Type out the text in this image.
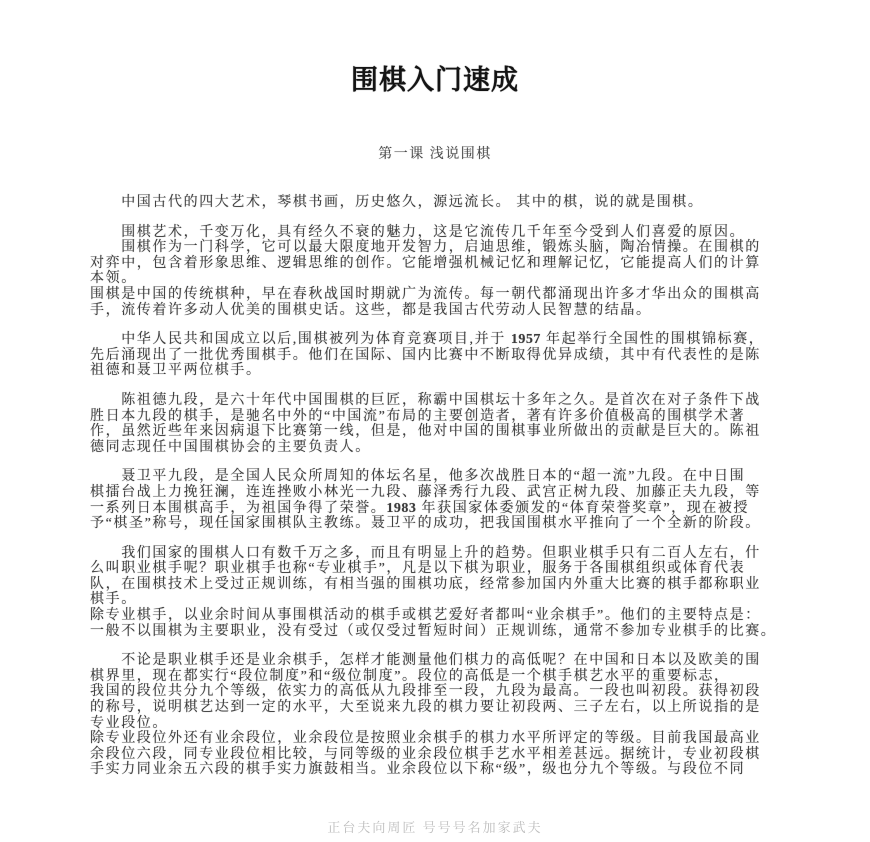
围棋入门速成
第一课 浅说围棋
　　中国古代的四大艺术，琴棋书画，历史悠久，源远流长。 其中的棋，说的就是围棋。
　　围棋艺术，千变万化，具有经久不衰的魅力，这是它流传几千年至今受到人们喜爱的原因。
　　围棋作为一门科学，它可以最大限度地开发智力，启迪思维，锻炼头脑，陶冶情操。在围棋的
对弈中，包含着形象思维、逻辑思维的创作。它能增强机械记忆和理解记忆，它能提高人们的计算
本领。
围棋是中国的传统棋种，早在春秋战国时期就广为流传。每一朝代都涌现出许多才华出众的围棋高
手，流传着许多动人优美的围棋史话。这些，都是我国古代劳动人民智慧的结晶。
　　中华人民共和国成立以后,围棋被列为体育竞赛项目,并于 1957 年起举行全国性的围棋锦标赛，
先后涌现出了一批优秀围棋手。他们在国际、国内比赛中不断取得优异成绩，其中有代表性的是陈
祖德和聂卫平两位棋手。
　　陈祖德九段，是六十年代中国围棋的巨匠，称霸中国棋坛十多年之久。是首次在对子条件下战
胜日本九段的棋手，是驰名中外的“中国流”布局的主要创造者，著有许多价值极高的围棋学术著
作，虽然近些年来因病退下比赛第一线，但是，他对中国的围棋事业所做出的贡献是巨大的。陈祖
德同志现任中国围棋协会的主要负责人。
　　聂卫平九段，是全国人民众所周知的体坛名星，他多次战胜日本的“超一流”九段。在中日围
棋擂台战上力挽狂澜，连连挫败小林光一九段、藤泽秀行九段、武宫正树九段、加藤正夫九段，等
一系列日本围棋高手，为祖国争得了荣誉。1983 年获国家体委颁发的“体育荣誉奖章”，现在被授
予“棋圣”称号，现任国家围棋队主教练。聂卫平的成功，把我国围棋水平推向了一个全新的阶段。
　　我们国家的围棋人口有数千万之多，而且有明显上升的趋势。但职业棋手只有二百人左右，什
么叫职业棋手呢？职业棋手也称“专业棋手”，凡是以下棋为职业，服务于各围棋组织或体育代表
队，在围棋技术上受过正规训练，有相当强的围棋功底，经常参加国内外重大比赛的棋手都称职业
棋手。
除专业棋手，以业余时间从事围棋活动的棋手或棋艺爱好者都叫“业余棋手”。他们的主要特点是：
一般不以围棋为主要职业，没有受过（或仅受过暂短时间）正规训练，通常不参加专业棋手的比赛。
　　不论是职业棋手还是业余棋手，怎样才能测量他们棋力的高低呢？在中国和日本以及欧美的围
棋界里，现在都实行“段位制度”和“级位制度”。段位的高低是一个棋手棋艺水平的重要标志，
我国的段位共分九个等级，依实力的高低从九段排至一段，九段为最高。一段也叫初段。获得初段
的称号，说明棋艺达到一定的水平，大至说来九段的棋力要让初段两、三子左右，以上所说指的是
专业段位。
除专业段位外还有业余段位，业余段位是按照业余棋手的棋力水平所评定的等级。目前我国最高业
余段位六段，同专业段位相比较，与同等级的业余段位棋手艺水平相差甚远。据统计，专业初段棋
手实力同业余五六段的棋手实力旗鼓相当。业余段位以下称“级”，级也分九个等级。与段位不同
正台夫向周匠 号号号名加家武夫
